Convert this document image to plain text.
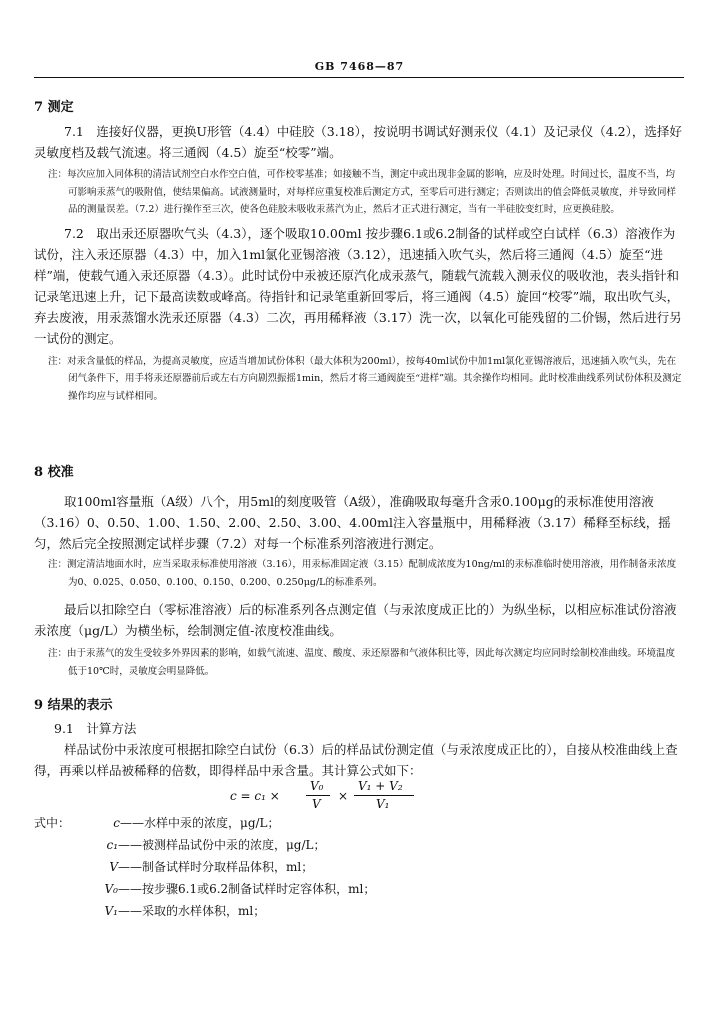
GB 7468—87

7 测定

7.1　连接好仪器，更换U形管（4.4）中硅胶（3.18），按说明书调试好测汞仪（4.1）及记录仪（4.2），选择好灵敏度档及载气流速。将三通阀（4.5）旋至“校零”端。

注：每次应加入同体积的清洁试剂空白水作空白值，可作校零基准；如接触不当，测定中或出现非金属的影响，应及时处理。时间过长，温度不当，均可影响汞蒸气的吸附值，使结果偏高。试液测量时，对每样应重复校准后测定方式，至零后可进行测定；否则读出的值会降低灵敏度，并导致同样品的测量误差。（7.2）进行操作至三次，使各色硅胶未吸收汞蒸汽为止，然后才正式进行测定，当有一半硅胶变红时，应更换硅胶。

7.2　取出汞还原器吹气头（4.3），逐个吸取10.00ml 按步骤6.1或6.2制备的试样或空白试样（6.3）溶液作为试份，注入汞还原器（4.3）中，加入1ml氯化亚锡溶液（3.12），迅速插入吹气头，然后将三通阀（4.5）旋至“进样”端，使载气通入汞还原器（4.3）。此时试份中汞被还原汽化成汞蒸气，随载气流载入测汞仪的吸收池，表头指针和记录笔迅速上升，记下最高读数或峰高。待指针和记录笔重新回零后，将三通阀（4.5）旋回“校零”端，取出吹气头，弃去废液，用汞蒸馏水洗汞还原器（4.3）二次，再用稀释液（3.17）洗一次，以氧化可能残留的二价锡，然后进行另一试份的测定。

注：对汞含量低的样品，为提高灵敏度，应适当增加试份体积（最大体积为200ml），按每40ml试份中加1ml氯化亚锡溶液后，迅速插入吹气头，先在闭气条件下，用手将汞还原器前后或左右方向剧烈振摇1min，然后才将三通阀旋至“进样”端。其余操作均相同。此时校准曲线系列试份体积及测定操作均应与试样相同。

8 校准

取100ml容量瓶（A级）八个，用5ml的刻度吸管（A级），准确吸取每毫升含汞0.100μg的汞标准使用溶液（3.16）0、0.50、1.00、1.50、2.00、2.50、3.00、4.00ml注入容量瓶中，用稀释液（3.17）稀释至标线，摇匀，然后完全按照测定试样步骤（7.2）对每一个标准系列溶液进行测定。

注：测定清洁地面水时，应当采取汞标准使用溶液（3.16），用汞标准固定液（3.15）配制成浓度为10ng/ml的汞标准临时使用溶液，用作制备汞浓度为0、0.025、0.050、0.100、0.150、0.200、0.250μg/L的标准系列。

最后以扣除空白（零标准溶液）后的标准系列各点测定值（与汞浓度成正比的）为纵坐标，以相应标准试份溶液汞浓度（μg/L）为横坐标，绘制测定值-浓度校准曲线。

注：由于汞蒸气的发生受较多外界因素的影响，如载气流速、温度、酸度、汞还原器和气液体积比等，因此每次测定均应同时绘制校准曲线。环境温度低于10℃时，灵敏度会明显降低。

9 结果的表示

9.1　计算方法

样品试份中汞浓度可根据扣除空白试份（6.3）后的样品试份测定值（与汞浓度成正比的），自接从校准曲线上查得，再乘以样品被稀释的倍数，即得样品中汞含量。其计算公式如下：

c = c₁ ×
V₀
V
×
V₁ + V₂
V₁
式中：	c——水样中汞的浓度，μg/L；
c₁——被测样品试份中汞的浓度，μg/L；
V——制备试样时分取样品体积，ml；
V₀——按步骤6.1或6.2制备试样时定容体积，ml；
V₁——采取的水样体积，ml；
